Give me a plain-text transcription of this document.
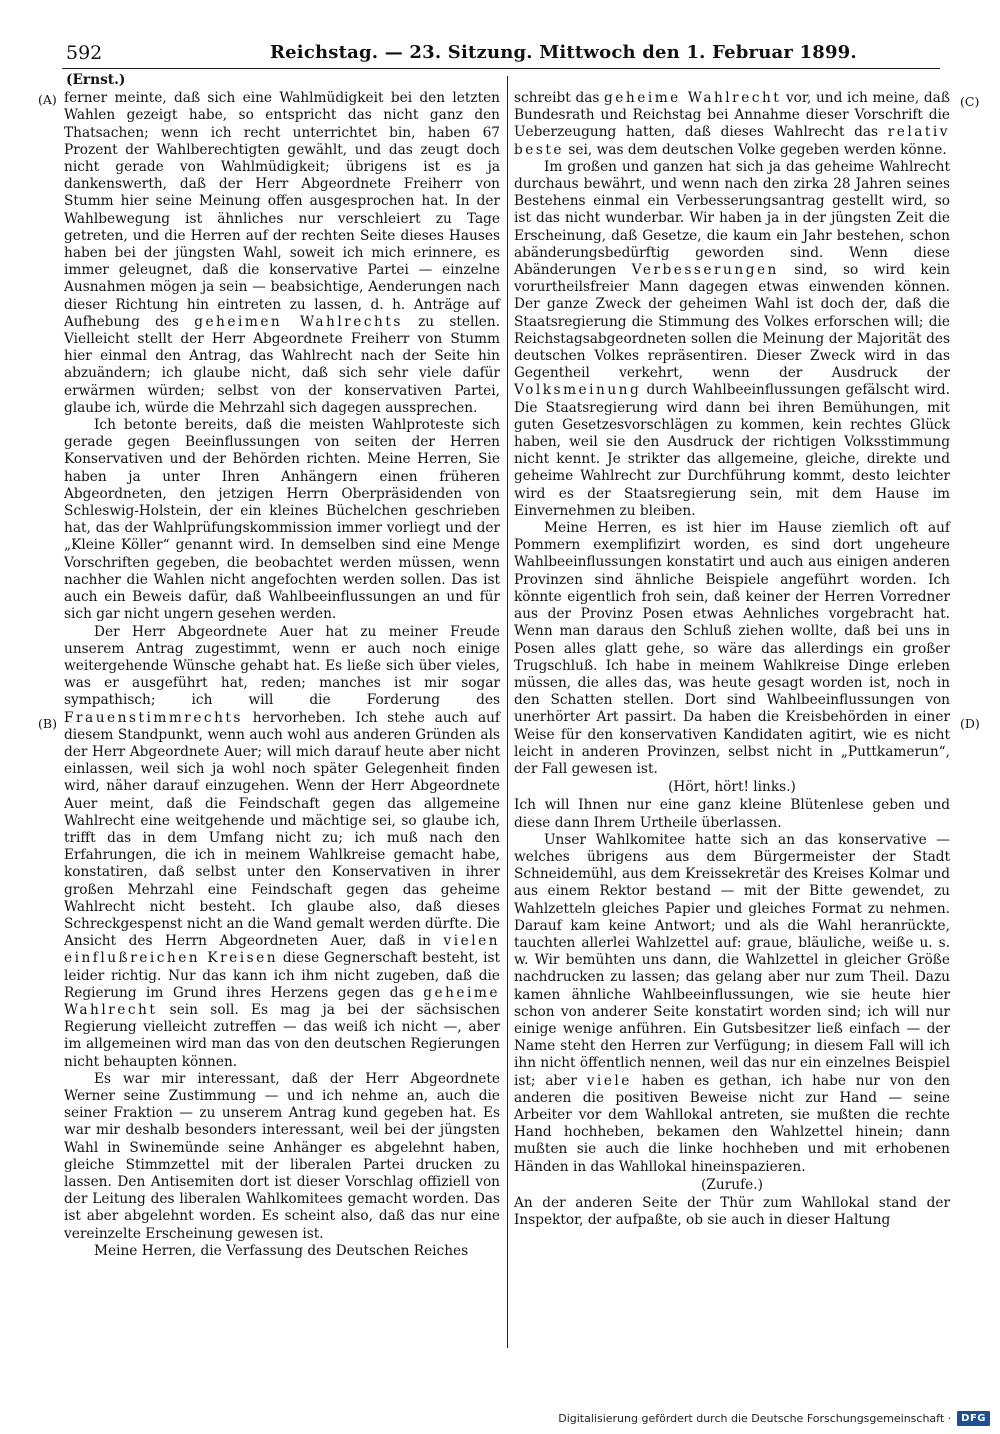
592	Reichstag. — 23. Sitzung. Mittwoch den 1. Februar 1899.
(A)
(B)
(C)
(D)
(Ernst.)

ferner meinte, daß sich eine Wahlmüdigkeit bei den letzten Wahlen gezeigt habe, so entspricht das nicht ganz den Thatsachen; wenn ich recht unterrichtet bin, haben 67 Prozent der Wahlberechtigten gewählt, und das zeugt doch nicht gerade von Wahlmüdigkeit; übrigens ist es ja dankenswerth, daß der Herr Abgeordnete Freiherr von Stumm hier seine Meinung offen ausgesprochen hat. In der Wahlbewegung ist ähnliches nur verschleiert zu Tage getreten, und die Herren auf der rechten Seite dieses Hauses haben bei der jüngsten Wahl, soweit ich mich erinnere, es immer geleugnet, daß die konservative Partei — einzelne Ausnahmen mögen ja sein — beabsichtige, Aenderungen nach dieser Richtung hin eintreten zu lassen, d. h. Anträge auf Aufhebung des geheimen Wahlrechts zu stellen. Vielleicht stellt der Herr Abgeordnete Freiherr von Stumm hier einmal den Antrag, das Wahlrecht nach der Seite hin abzuändern; ich glaube nicht, daß sich sehr viele dafür erwärmen würden; selbst von der konservativen Partei, glaube ich, würde die Mehrzahl sich dagegen aussprechen.

Ich betonte bereits, daß die meisten Wahlproteste sich gerade gegen Beeinflussungen von seiten der Herren Konservativen und der Behörden richten. Meine Herren, Sie haben ja unter Ihren Anhängern einen früheren Abgeordneten, den jetzigen Herrn Oberpräsidenden von Schleswig-Holstein, der ein kleines Büchelchen geschrieben hat, das der Wahlprüfungskommission immer vorliegt und der „Kleine Köller“ genannt wird. In demselben sind eine Menge Vorschriften gegeben, die beobachtet werden müssen, wenn nachher die Wahlen nicht angefochten werden sollen. Das ist auch ein Beweis dafür, daß Wahlbeeinflussungen an und für sich gar nicht ungern gesehen werden.

Der Herr Abgeordnete Auer hat zu meiner Freude unserem Antrag zugestimmt, wenn er auch noch einige weitergehende Wünsche gehabt hat. Es ließe sich über vieles, was er ausgeführt hat, reden; manches ist mir sogar sympathisch; ich will die Forderung des Frauenstimmrechts hervorheben. Ich stehe auch auf diesem Standpunkt, wenn auch wohl aus anderen Gründen als der Herr Abgeordnete Auer; will mich darauf heute aber nicht einlassen, weil sich ja wohl noch später Gelegenheit finden wird, näher darauf einzugehen. Wenn der Herr Abgeordnete Auer meint, daß die Feindschaft gegen das allgemeine Wahlrecht eine weitgehende und mächtige sei, so glaube ich, trifft das in dem Umfang nicht zu; ich muß nach den Erfahrungen, die ich in meinem Wahlkreise gemacht habe, konstatiren, daß selbst unter den Konservativen in ihrer großen Mehrzahl eine Feindschaft gegen das geheime Wahlrecht nicht besteht. Ich glaube also, daß dieses Schreckgespenst nicht an die Wand gemalt werden dürfte. Die Ansicht des Herrn Abgeordneten Auer, daß in vielen einflußreichen Kreisen diese Gegnerschaft besteht, ist leider richtig. Nur das kann ich ihm nicht zugeben, daß die Regierung im Grund ihres Herzens gegen das geheime Wahlrecht sein soll. Es mag ja bei der sächsischen Regierung vielleicht zutreffen — das weiß ich nicht —, aber im allgemeinen wird man das von den deutschen Regierungen nicht behaupten können.

Es war mir interessant, daß der Herr Abgeordnete Werner seine Zustimmung — und ich nehme an, auch die seiner Fraktion — zu unserem Antrag kund gegeben hat. Es war mir deshalb besonders interessant, weil bei der jüngsten Wahl in Swinemünde seine Anhänger es abgelehnt haben, gleiche Stimmzettel mit der liberalen Partei drucken zu lassen. Den Antisemiten dort ist dieser Vorschlag offiziell von der Leitung des liberalen Wahlkomitees gemacht worden. Das ist aber abgelehnt worden. Es scheint also, daß das nur eine vereinzelte Erscheinung gewesen ist.

Meine Herren, die Verfassung des Deutschen Reiches

schreibt das geheime Wahlrecht vor, und ich meine, daß Bundesrath und Reichstag bei Annahme dieser Vorschrift die Ueberzeugung hatten, daß dieses Wahlrecht das relativ beste sei, was dem deutschen Volke gegeben werden könne.

Im großen und ganzen hat sich ja das geheime Wahlrecht durchaus bewährt, und wenn nach den zirka 28 Jahren seines Bestehens einmal ein Verbesserungsantrag gestellt wird, so ist das nicht wunderbar. Wir haben ja in der jüngsten Zeit die Erscheinung, daß Gesetze, die kaum ein Jahr bestehen, schon abänderungsbedürftig geworden sind. Wenn diese Abänderungen Verbesserungen sind, so wird kein vorurtheilsfreier Mann dagegen etwas einwenden können. Der ganze Zweck der geheimen Wahl ist doch der, daß die Staatsregierung die Stimmung des Volkes erforschen will; die Reichstagsabgeordneten sollen die Meinung der Majorität des deutschen Volkes repräsentiren. Dieser Zweck wird in das Gegentheil verkehrt, wenn der Ausdruck der Volksmeinung durch Wahlbeeinflussungen gefälscht wird. Die Staatsregierung wird dann bei ihren Bemühungen, mit guten Gesetzesvorschlägen zu kommen, kein rechtes Glück haben, weil sie den Ausdruck der richtigen Volksstimmung nicht kennt. Je strikter das allgemeine, gleiche, direkte und geheime Wahlrecht zur Durchführung kommt, desto leichter wird es der Staatsregierung sein, mit dem Hause im Einvernehmen zu bleiben.

Meine Herren, es ist hier im Hause ziemlich oft auf Pommern exemplifizirt worden, es sind dort ungeheure Wahlbeeinflussungen konstatirt und auch aus einigen anderen Provinzen sind ähnliche Beispiele angeführt worden. Ich könnte eigentlich froh sein, daß keiner der Herren Vorredner aus der Provinz Posen etwas Aehnliches vorgebracht hat. Wenn man daraus den Schluß ziehen wollte, daß bei uns in Posen alles glatt gehe, so wäre das allerdings ein großer Trugschluß. Ich habe in meinem Wahlkreise Dinge erleben müssen, die alles das, was heute gesagt worden ist, noch in den Schatten stellen. Dort sind Wahlbeeinflussungen von unerhörter Art passirt. Da haben die Kreisbehörden in einer Weise für den konservativen Kandidaten agitirt, wie es nicht leicht in anderen Provinzen, selbst nicht in „Puttkamerun“, der Fall gewesen ist.

(Hört, hört! links.)

Ich will Ihnen nur eine ganz kleine Blütenlese geben und diese dann Ihrem Urtheile überlassen.

Unser Wahlkomitee hatte sich an das konservative — welches übrigens aus dem Bürgermeister der Stadt Schneidemühl, aus dem Kreissekretär des Kreises Kolmar und aus einem Rektor bestand — mit der Bitte gewendet, zu Wahlzetteln gleiches Papier und gleiches Format zu nehmen. Darauf kam keine Antwort; und als die Wahl heranrückte, tauchten allerlei Wahlzettel auf: graue, bläuliche, weiße u. s. w. Wir bemühten uns dann, die Wahlzettel in gleicher Größe nachdrucken zu lassen; das gelang aber nur zum Theil. Dazu kamen ähnliche Wahlbeeinflussungen, wie sie heute hier schon von anderer Seite konstatirt worden sind; ich will nur einige wenige anführen. Ein Gutsbesitzer ließ einfach — der Name steht den Herren zur Verfügung; in diesem Fall will ich ihn nicht öffentlich nennen, weil das nur ein einzelnes Beispiel ist; aber viele haben es gethan, ich habe nur von den anderen die positiven Beweise nicht zur Hand — seine Arbeiter vor dem Wahllokal antreten, sie mußten die rechte Hand hochheben, bekamen den Wahlzettel hinein; dann mußten sie auch die linke hochheben und mit erhobenen Händen in das Wahllokal hineinspazieren.

(Zurufe.)

An der anderen Seite der Thür zum Wahllokal stand der Inspektor, der aufpaßte, ob sie auch in dieser Haltung

Digitalisierung gefördert durch die Deutsche Forschungsgemeinschaft ·	DFG
